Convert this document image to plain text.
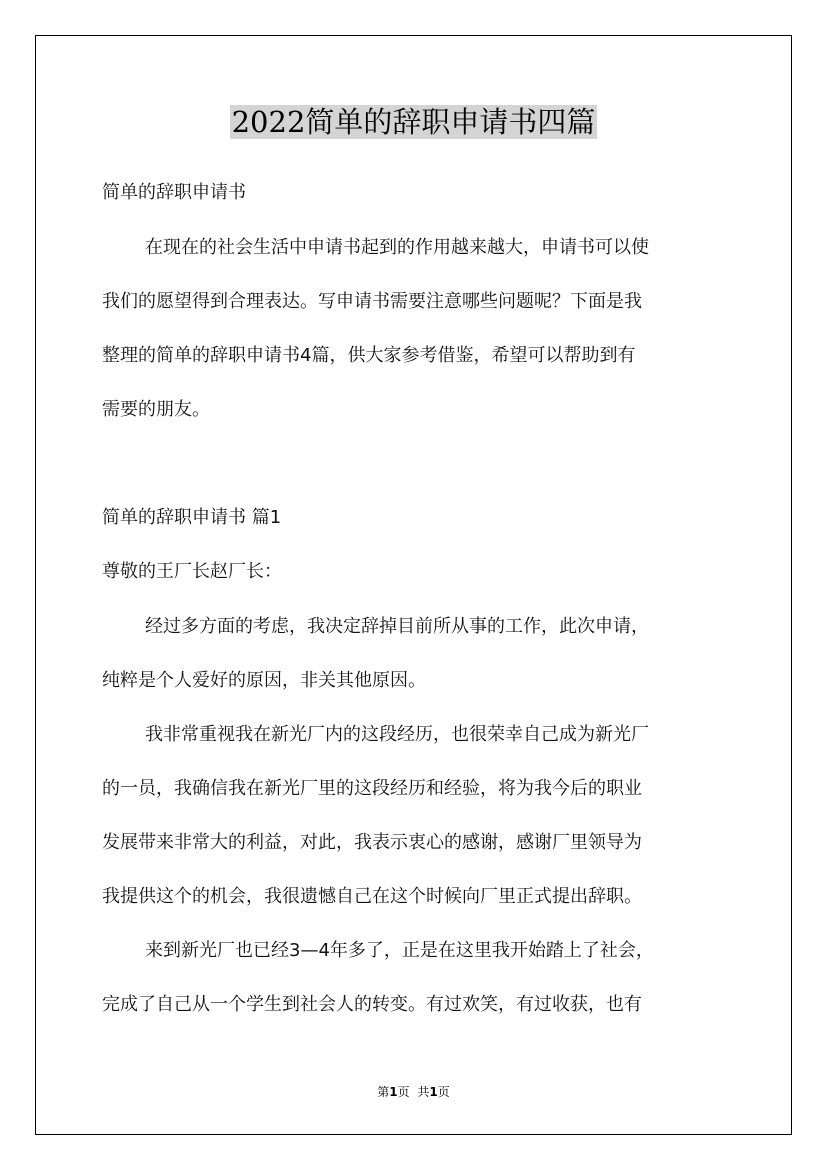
2022简单的辞职申请书四篇
简单的辞职申请书
在现在的社会生活中申请书起到的作用越来越大，申请书可以使
我们的愿望得到合理表达。写申请书需要注意哪些问题呢？下面是我
整理的简单的辞职申请书4篇，供大家参考借鉴，希望可以帮助到有
需要的朋友。
简单的辞职申请书 篇1
尊敬的王厂长赵厂长：
经过多方面的考虑，我决定辞掉目前所从事的工作，此次申请，
纯粹是个人爱好的原因，非关其他原因。
我非常重视我在新光厂内的这段经历，也很荣幸自己成为新光厂
的一员，我确信我在新光厂里的这段经历和经验，将为我今后的职业
发展带来非常大的利益，对此，我表示衷心的感谢，感谢厂里领导为
我提供这个的机会，我很遗憾自己在这个时候向厂里正式提出辞职。
来到新光厂也已经3—4年多了，正是在这里我开始踏上了社会，
完成了自己从一个学生到社会人的转变。有过欢笑，有过收获，也有
第1页 共1页
